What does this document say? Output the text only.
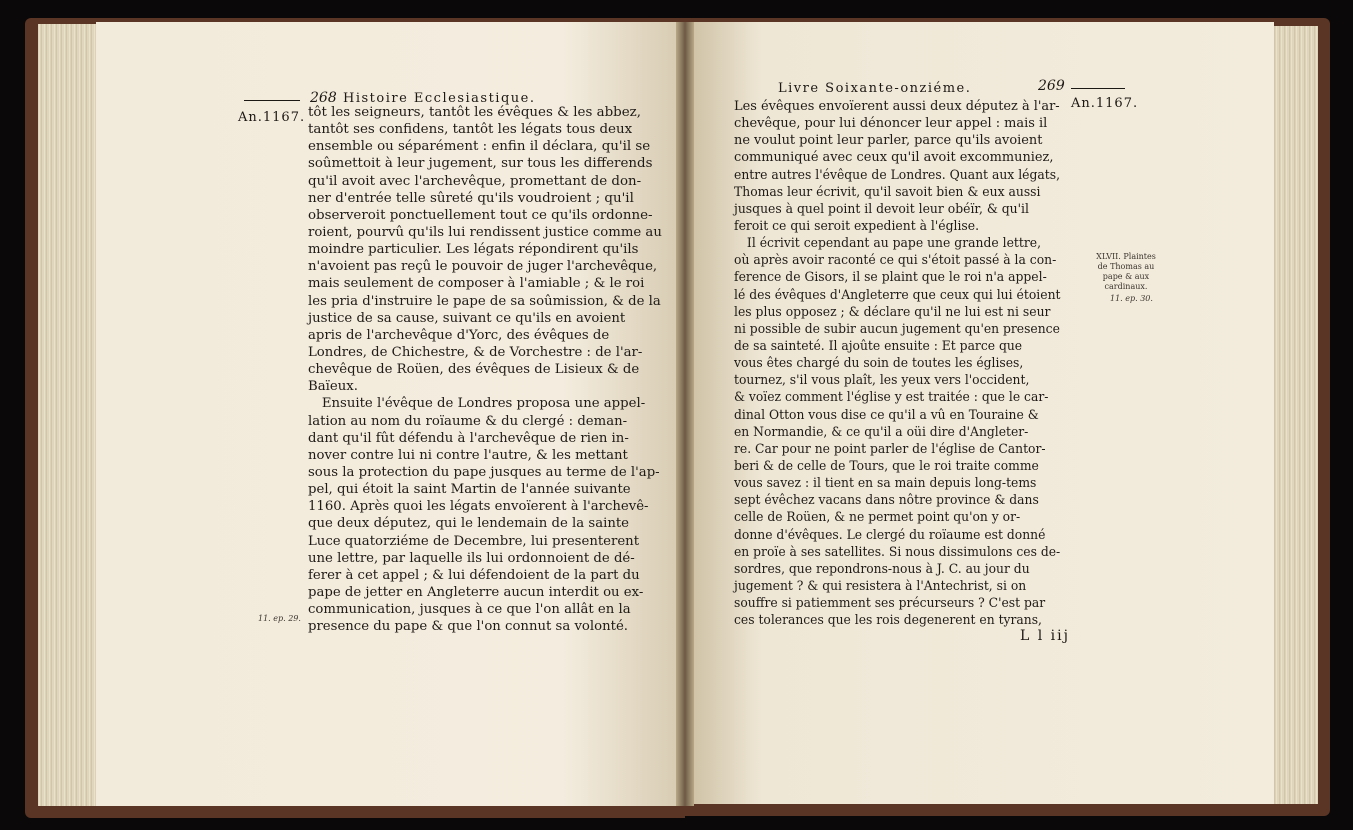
268 Histoire Ecclesiastique.
An.1167. tôt les seigneurs, tantôt les évêques & les abbez,
tantôt ses confidens, tantôt les légats tous deux
ensemble ou séparément : enfin il déclara, qu'il se
soûmettoit à leur jugement, sur tous les differends
qu'il avoit avec l'archevêque, promettant de don-
ner d'entrée telle sûreté qu'ils voudroient ; qu'il
observeroit ponctuellement tout ce qu'ils ordonne-
roient, pourvû qu'ils lui rendissent justice comme au
moindre particulier. Les légats répondirent qu'ils
n'avoient pas reçû le pouvoir de juger l'archevêque,
mais seulement de composer à l'amiable ; & le roi
les pria d'instruire le pape de sa soûmission, & de la
justice de sa cause, suivant ce qu'ils en avoient
apris de l'archevêque d'Yorc, des évêques de
Londres, de Chichestre, & de Vorchestre : de l'ar-
chevêque de Roüen, des évêques de Lisieux & de
Baïeux.
Ensuite l'évêque de Londres proposa une appel-
lation au nom du roïaume & du clergé : deman-
dant qu'il fût défendu à l'archevêque de rien in-
nover contre lui ni contre l'autre, & les mettant
sous la protection du pape jusques au terme de l'ap-
pel, qui étoit la saint Martin de l'année suivante
1160. Après quoi les légats envoïerent à l'archevê-
que deux députez, qui le lendemain de la sainte
Luce quatorziéme de Decembre, lui presenterent
une lettre, par laquelle ils lui ordonnoient de dé-
ferer à cet appel ; & lui défendoient de la part du
pape de jetter en Angleterre aucun interdit ou ex-
communication, jusques à ce que l'on allât en la
presence du pape & que l'on connut sa volonté.
11. ep. 29.
Livre Soixante-onziéme.	269
An.1167.
Les évêques envoïerent aussi deux députez à l'ar-
chevêque, pour lui dénoncer leur appel : mais il
ne voulut point leur parler, parce qu'ils avoient
communiqué avec ceux qu'il avoit excommuniez,
entre autres l'évêque de Londres. Quant aux légats,
Thomas leur écrivit, qu'il savoit bien & eux aussi
jusques à quel point il devoit leur obéïr, & qu'il
feroit ce qui seroit expedient à l'église.
Il écrivit cependant au pape une grande lettre,
où après avoir raconté ce qui s'étoit passé à la con-
ference de Gisors, il se plaint que le roi n'a appel-
lé des évêques d'Angleterre que ceux qui lui étoient
les plus opposez ; & déclare qu'il ne lui est ni seur
ni possible de subir aucun jugement qu'en presence
de sa sainteté. Il ajoûte ensuite : Et parce que
vous êtes chargé du soin de toutes les églises,
tournez, s'il vous plaît, les yeux vers l'occident,
& voïez comment l'église y est traitée : que le car-
dinal Otton vous dise ce qu'il a vû en Touraine &
en Normandie, & ce qu'il a oüi dire d'Angleter-
re. Car pour ne point parler de l'église de Cantor-
beri & de celle de Tours, que le roi traite comme
vous savez : il tient en sa main depuis long-tems
sept évêchez vacans dans nôtre province & dans
celle de Roüen, & ne permet point qu'on y or-
donne d'évêques. Le clergé du roïaume est donné
en proïe à ses satellites. Si nous dissimulons ces de-
sordres, que repondrons-nous à J. C. au jour du
jugement ? & qui resistera à l'Antechrist, si on
souffre si patiemment ses précurseurs ? C'est par
ces tolerances que les rois degenerent en tyrans,
XLVII. Plaintes de Thomas au pape & aux cardinaux.
11. ep. 30.
L l iij
